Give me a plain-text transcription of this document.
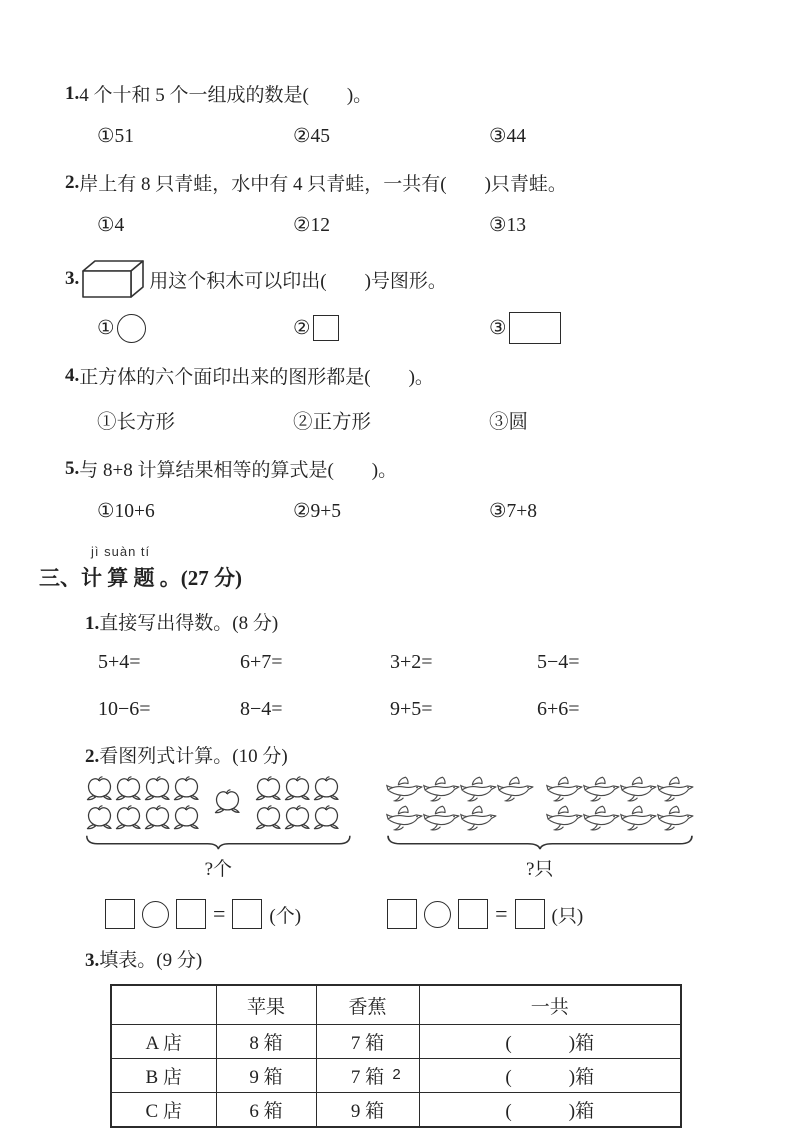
1. 4 个十和 5 个一组成的数是(　　)。
①51	②45	③44
2. 岸上有 8 只青蛙，水中有 4 只青蛙，一共有(　　)只青蛙。
①4	②12	③13
3.	用这个积木可以印出(　　)号图形。
①	②	③
4. 正方体的六个面印出来的图形都是(　　)。
①长方形	②正方形	③圆
5. 与 8+8 计算结果相等的算式是(　　)。
①10+6	②9+5	③7+8
jì suàn tí
三、计 算 题 。(27 分)
1.直接写出得数。(8 分)
5+4=	6+7=	3+2=	5−4=
10−6=	8−4=	9+5=	6+6=
2.看图列式计算。(10 分)
?个	?只
= (个)	= (只)
3.填表。(9 分)
	苹果	香蕉	一共
A 店	8 箱	7 箱	(　　　)箱
B 店	9 箱	7 箱	(　　　)箱
C 店	6 箱	9 箱	(　　　)箱
2
